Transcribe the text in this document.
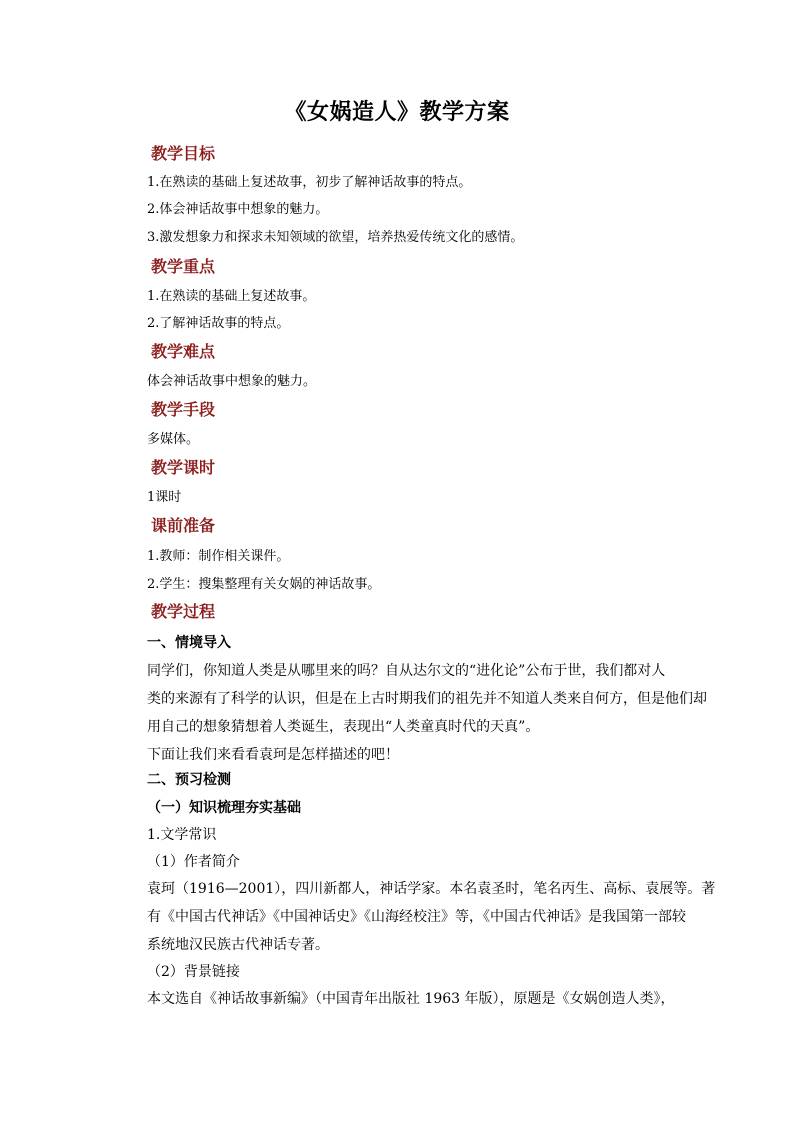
《女娲造人》教学方案
教学目标
1.在熟读的基础上复述故事，初步了解神话故事的特点。
2.体会神话故事中想象的魅力。
3.激发想象力和探求未知领域的欲望，培养热爱传统文化的感情。
教学重点
1.在熟读的基础上复述故事。
2.了解神话故事的特点。
教学难点
体会神话故事中想象的魅力。
教学手段
多媒体。
教学课时
1课时
课前准备
1.教师：制作相关课件。
2.学生：搜集整理有关女娲的神话故事。
教学过程
一、情境导入
同学们，你知道人类是从哪里来的吗？自从达尔文的“进化论”公布于世，我们都对人
类的来源有了科学的认识，但是在上古时期我们的祖先并不知道人类来自何方，但是他们却
用自己的想象猜想着人类诞生，表现出“人类童真时代的天真”。
下面让我们来看看袁珂是怎样描述的吧！
二、预习检测
（一）知识梳理夯实基础
1.文学常识
（1）作者简介
袁珂（1916—2001），四川新都人，神话学家。本名袁圣时，笔名丙生、高标、袁展等。著
有《中国古代神话》《中国神话史》《山海经校注》等，《中国古代神话》是我国第一部较
系统地汉民族古代神话专著。
（2）背景链接
本文选自《神话故事新编》（中国青年出版社 1963 年版），原题是《女娲创造人类》，
